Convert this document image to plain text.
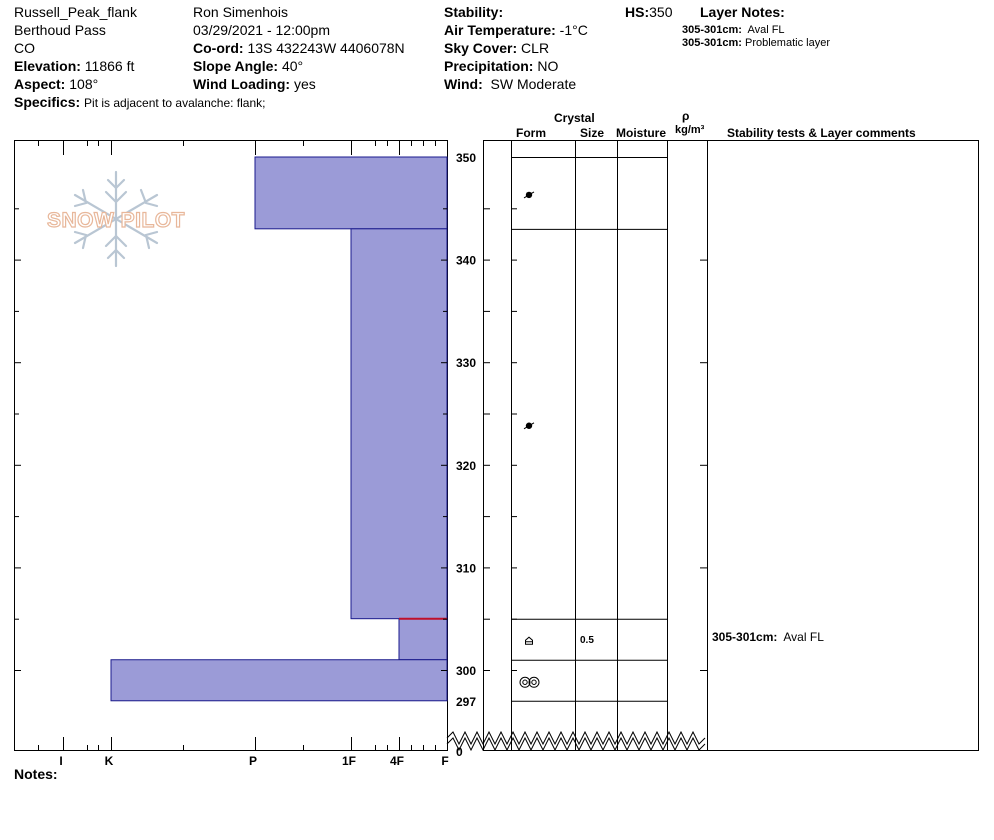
Russell_Peak_flank
Berthoud Pass
CO
Elevation: 11866 ft
Aspect: 108°
Ron Simenhois
03/29/2021 - 12:00pm
Co-ord: 13S 432243W 4406078N
Slope Angle: 40°
Wind Loading: yes
Stability:
Air Temperature: -1°C
Sky Cover: CLR
Precipitation: NO
Wind: SW Moderate
HS:350 Layer Notes:
305-301cm: Aval FL
305-301cm: Problematic layer
Specifics: Pit is adjacent to avalanche: flank;
Crystal
Form	Size Moisture
ρ
kg/m³ Stability tests & Layer comments
Notes:
SNOW PILOT
I	K	P	1F	4F	F
297
300
310
320
330
340
350
0
0.5	305-301cm:  Aval FL
